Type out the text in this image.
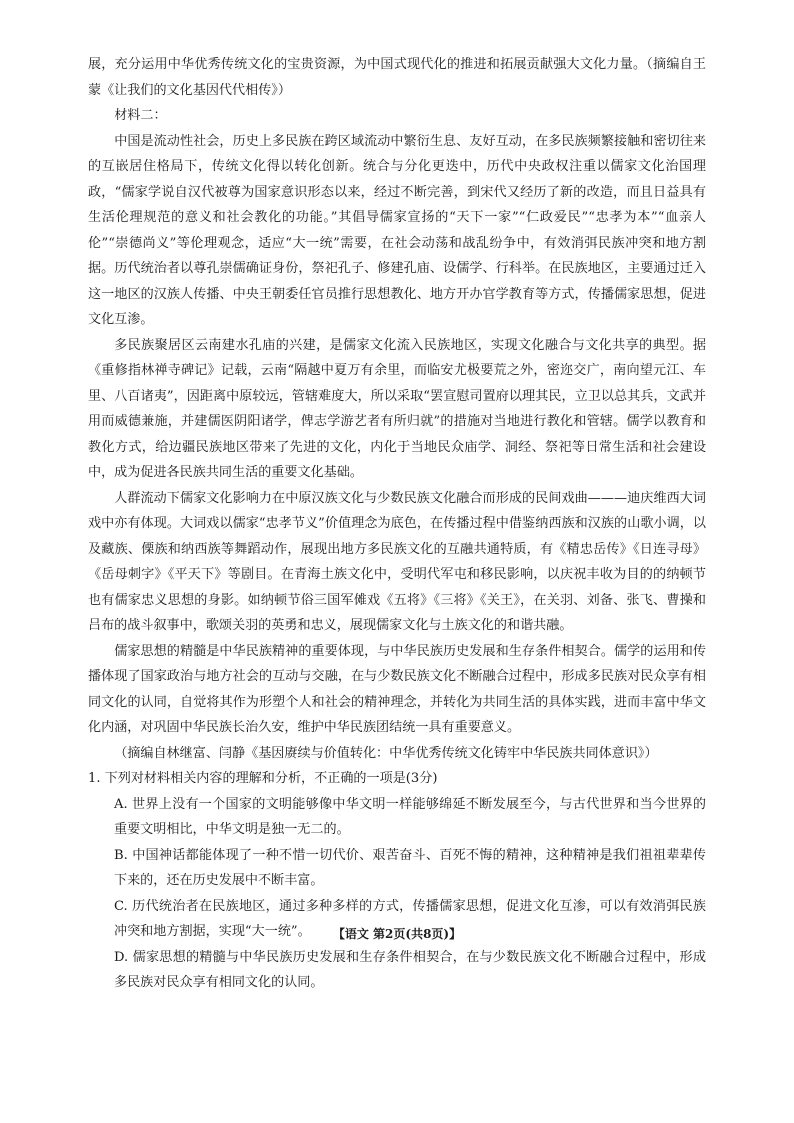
展，充分运用中华优秀传统文化的宝贵资源，为中国式现代化的推进和拓展贡献强大文化力量。（摘编自王蒙《让我们的文化基因代代相传》）

材料二：

中国是流动性社会，历史上多民族在跨区域流动中繁衍生息、友好互动，在多民族频繁接触和密切往来的互嵌居住格局下，传统文化得以转化创新。统合与分化更迭中，历代中央政权注重以儒家文化治国理政，“儒家学说自汉代被尊为国家意识形态以来，经过不断完善，到宋代又经历了新的改造，而且日益具有生活伦理规范的意义和社会教化的功能。”其倡导儒家宣扬的“天下一家”“仁政爱民”“忠孝为本”“血亲人伦”“崇德尚义”等伦理观念，适应“大一统”需要，在社会动荡和战乱纷争中，有效消弭民族冲突和地方割据。历代统治者以尊孔崇儒确证身份，祭祀孔子、修建孔庙、设儒学、行科举。在民族地区，主要通过迁入这一地区的汉族人传播、中央王朝委任官员推行思想教化、地方开办官学教育等方式，传播儒家思想，促进文化互渗。

多民族聚居区云南建水孔庙的兴建，是儒家文化流入民族地区，实现文化融合与文化共享的典型。据《重修指林禅寺碑记》记载，云南“隔越中夏万有余里，而临安尤极要荒之外，密迩交广，南向望元江、车里、八百诸夷”，因距离中原较远，管辖难度大，所以采取“罢宣慰司置府以理其民，立卫以总其兵，文武并用而威德兼施，并建儒医阴阳诸学，俾志学游艺者有所归就”的措施对当地进行教化和管辖。儒学以教育和教化方式，给边疆民族地区带来了先进的文化，内化于当地民众庙学、洞经、祭祀等日常生活和社会建设中，成为促进各民族共同生活的重要文化基础。

人群流动下儒家文化影响力在中原汉族文化与少数民族文化融合而形成的民间戏曲———迪庆维西大词戏中亦有体现。大词戏以儒家“忠孝节义”价值理念为底色，在传播过程中借鉴纳西族和汉族的山歌小调，以及藏族、傈族和纳西族等舞蹈动作，展现出地方多民族文化的互融共通特质，有《精忠岳传》《日连寻母》《岳母刺字》《平天下》等剧目。在青海土族文化中，受明代军屯和移民影响，以庆祝丰收为目的的纳顿节也有儒家忠义思想的身影。如纳顿节俗三国军傩戏《五将》《三将》《关王》，在关羽、刘备、张飞、曹操和吕布的战斗叙事中，歌颂关羽的英勇和忠义，展现儒家文化与土族文化的和谐共融。

儒家思想的精髓是中华民族精神的重要体现，与中华民族历史发展和生存条件相契合。儒学的运用和传播体现了国家政治与地方社会的互动与交融，在与少数民族文化不断融合过程中，形成多民族对民众享有相同文化的认同，自觉将其作为形塑个人和社会的精神理念，并转化为共同生活的具体实践，进而丰富中华文化内涵，对巩固中华民族长治久安，维护中华民族团结统一具有重要意义。

（摘编自林继富、闫静《基因赓续与价值转化：中华优秀传统文化铸牢中华民族共同体意识》）

1. 下列对材料相关内容的理解和分析，不正确的一项是(3分)

A. 世界上没有一个国家的文明能够像中华文明一样能够绵延不断发展至今，与古代世界和当今世界的重要文明相比，中华文明是独一无二的。

B. 中国神话都能体现了一种不惜一切代价、艰苦奋斗、百死不悔的精神，这种精神是我们祖祖辈辈传下来的，还在历史发展中不断丰富。

C. 历代统治者在民族地区，通过多种多样的方式，传播儒家思想，促进文化互渗，可以有效消弭民族冲突和地方割据，实现“大一统”。

D. 儒家思想的精髓与中华民族历史发展和生存条件相契合，在与少数民族文化不断融合过程中，形成多民族对民众享有相同文化的认同。

【语文 第2页(共8页)】
